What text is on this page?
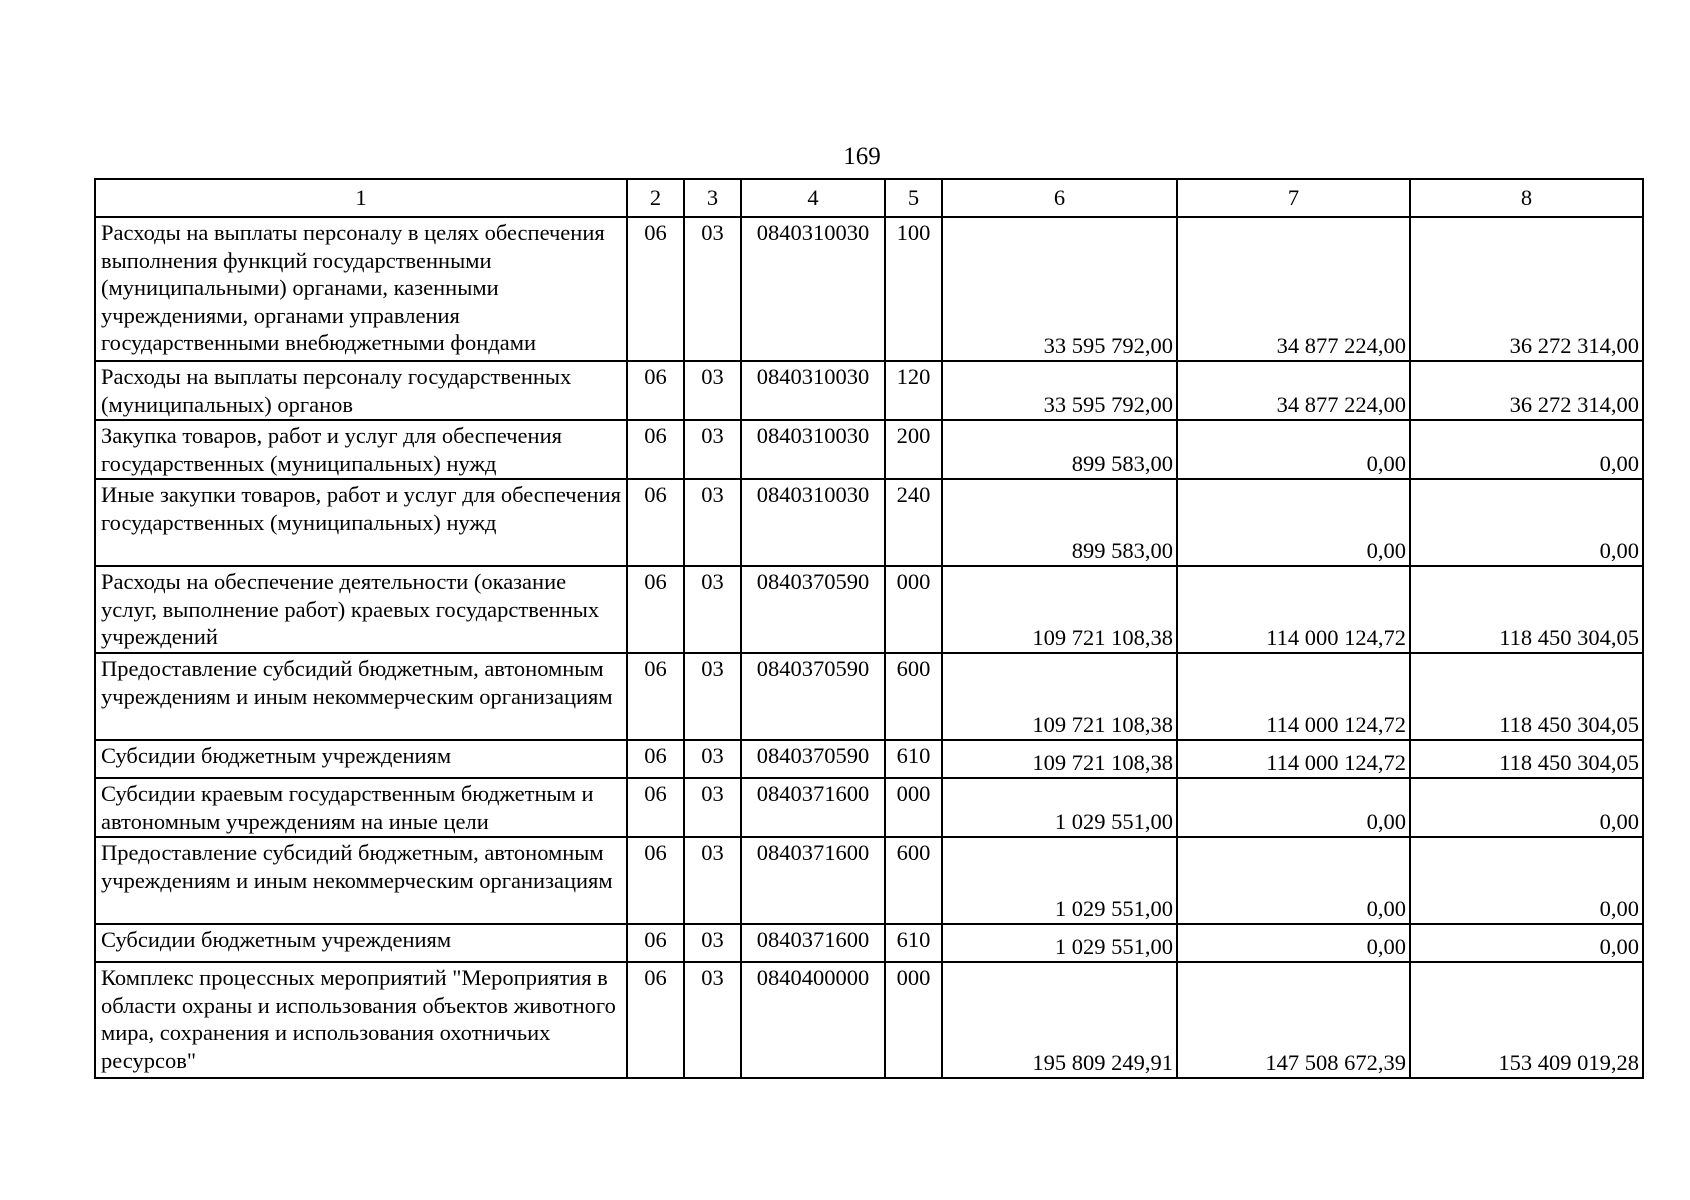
169
1	2	3	4	5	6	7	8
Расходы на выплаты персоналу в целях обеспечения выполнения функций государственными (муниципальными) органами, казенными учреждениями, органами управления государственными внебюджетными фондами	06	03	0840310030	100	33 595 792,00	34 877 224,00	36 272 314,00
Расходы на выплаты персоналу государственных (муниципальных) органов	06	03	0840310030	120	33 595 792,00	34 877 224,00	36 272 314,00
Закупка товаров, работ и услуг для обеспечения государственных (муниципальных) нужд	06	03	0840310030	200	899 583,00	0,00	0,00
Иные закупки товаров, работ и услуг для обеспечения государственных (муниципальных) нужд	06	03	0840310030	240	899 583,00	0,00	0,00
Расходы на обеспечение деятельности (оказание услуг, выполнение работ) краевых государственных учреждений	06	03	0840370590	000	109 721 108,38	114 000 124,72	118 450 304,05
Предоставление субсидий бюджетным, автономным учреждениям и иным некоммерческим организациям	06	03	0840370590	600	109 721 108,38	114 000 124,72	118 450 304,05
Субсидии бюджетным учреждениям	06	03	0840370590	610	109 721 108,38	114 000 124,72	118 450 304,05
Субсидии краевым государственным бюджетным и автономным учреждениям на иные цели	06	03	0840371600	000	1 029 551,00	0,00	0,00
Предоставление субсидий бюджетным, автономным учреждениям и иным некоммерческим организациям	06	03	0840371600	600	1 029 551,00	0,00	0,00
Субсидии бюджетным учреждениям	06	03	0840371600	610	1 029 551,00	0,00	0,00
Комплекс процессных мероприятий "Мероприятия в области охраны и использования объектов животного мира, сохранения и использования охотничьих ресурсов"	06	03	0840400000	000	195 809 249,91	147 508 672,39	153 409 019,28
